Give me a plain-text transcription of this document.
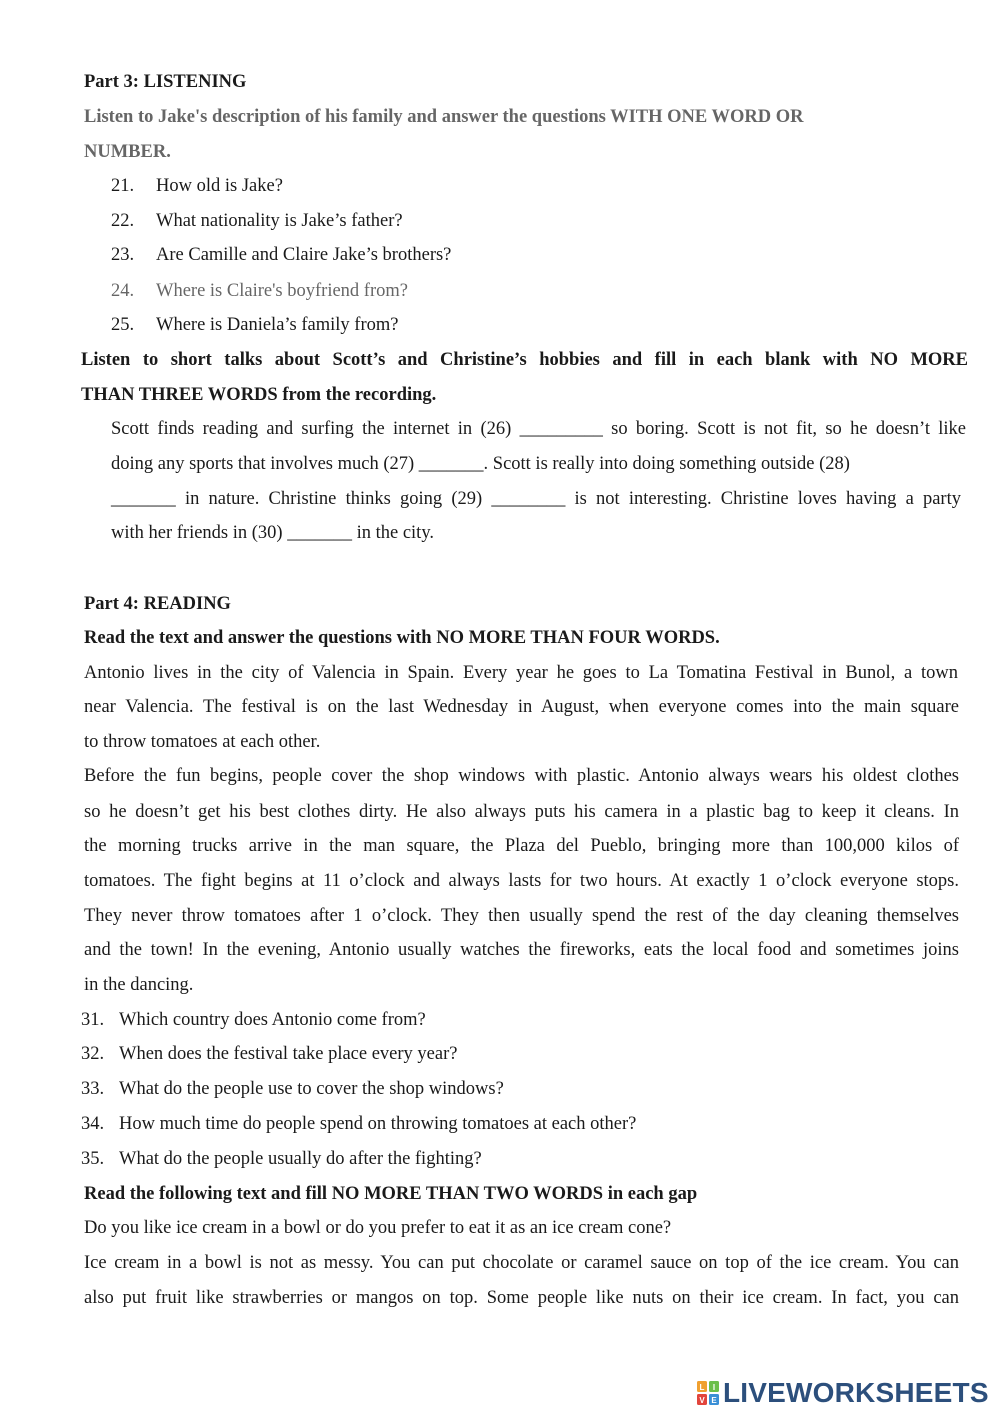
Part 3: LISTENING
Listen to Jake's description of his family and answer the questions WITH ONE WORD OR
NUMBER.
21. How old is Jake?
22. What nationality is Jake’s father?
23. Are Camille and Claire Jake’s brothers?
24. Where is Claire's boyfriend from?
25. Where is Daniela’s family from?
Listen to short talks about Scott’s and Christine’s hobbies and fill in each blank with NO MORE
THAN THREE WORDS from the recording.
Scott finds reading and surfing the internet in (26) _________ so boring. Scott is not fit, so he doesn’t like
doing any sports that involves much (27) _______. Scott is really into doing something outside (28)
_______ in nature. Christine thinks going (29) ________ is not interesting. Christine loves having a party
with her friends in (30) _______ in the city.
Part 4: READING
Read the text and answer the questions with NO MORE THAN FOUR WORDS.
Antonio lives in the city of Valencia in Spain. Every year he goes to La Tomatina Festival in Bunol, a town
near Valencia. The festival is on the last Wednesday in August, when everyone comes into the main square
to throw tomatoes at each other.
Before the fun begins, people cover the shop windows with plastic. Antonio always wears his oldest clothes
so he doesn’t get his best clothes dirty. He also always puts his camera in a plastic bag to keep it cleans. In
the morning trucks arrive in the man square, the Plaza del Pueblo, bringing more than 100,000 kilos of
tomatoes. The fight begins at 11 o’clock and always lasts for two hours. At exactly 1 o’clock everyone stops.
They never throw tomatoes after 1 o’clock. They then usually spend the rest of the day cleaning themselves
and the town! In the evening, Antonio usually watches the fireworks, eats the local food and sometimes joins
in the dancing.
31. Which country does Antonio come from?
32. When does the festival take place every year?
33. What do the people use to cover the shop windows?
34. How much time do people spend on throwing tomatoes at each other?
35. What do the people usually do after the fighting?
Read the following text and fill NO MORE THAN TWO WORDS in each gap
Do you like ice cream in a bowl or do you prefer to eat it as an ice cream cone?
Ice cream in a bowl is not as messy. You can put chocolate or caramel sauce on top of the ice cream. You can
also put fruit like strawberries or mangos on top. Some people like nuts on their ice cream. In fact, you can
L I
V E LIVEWORKSHEETS
